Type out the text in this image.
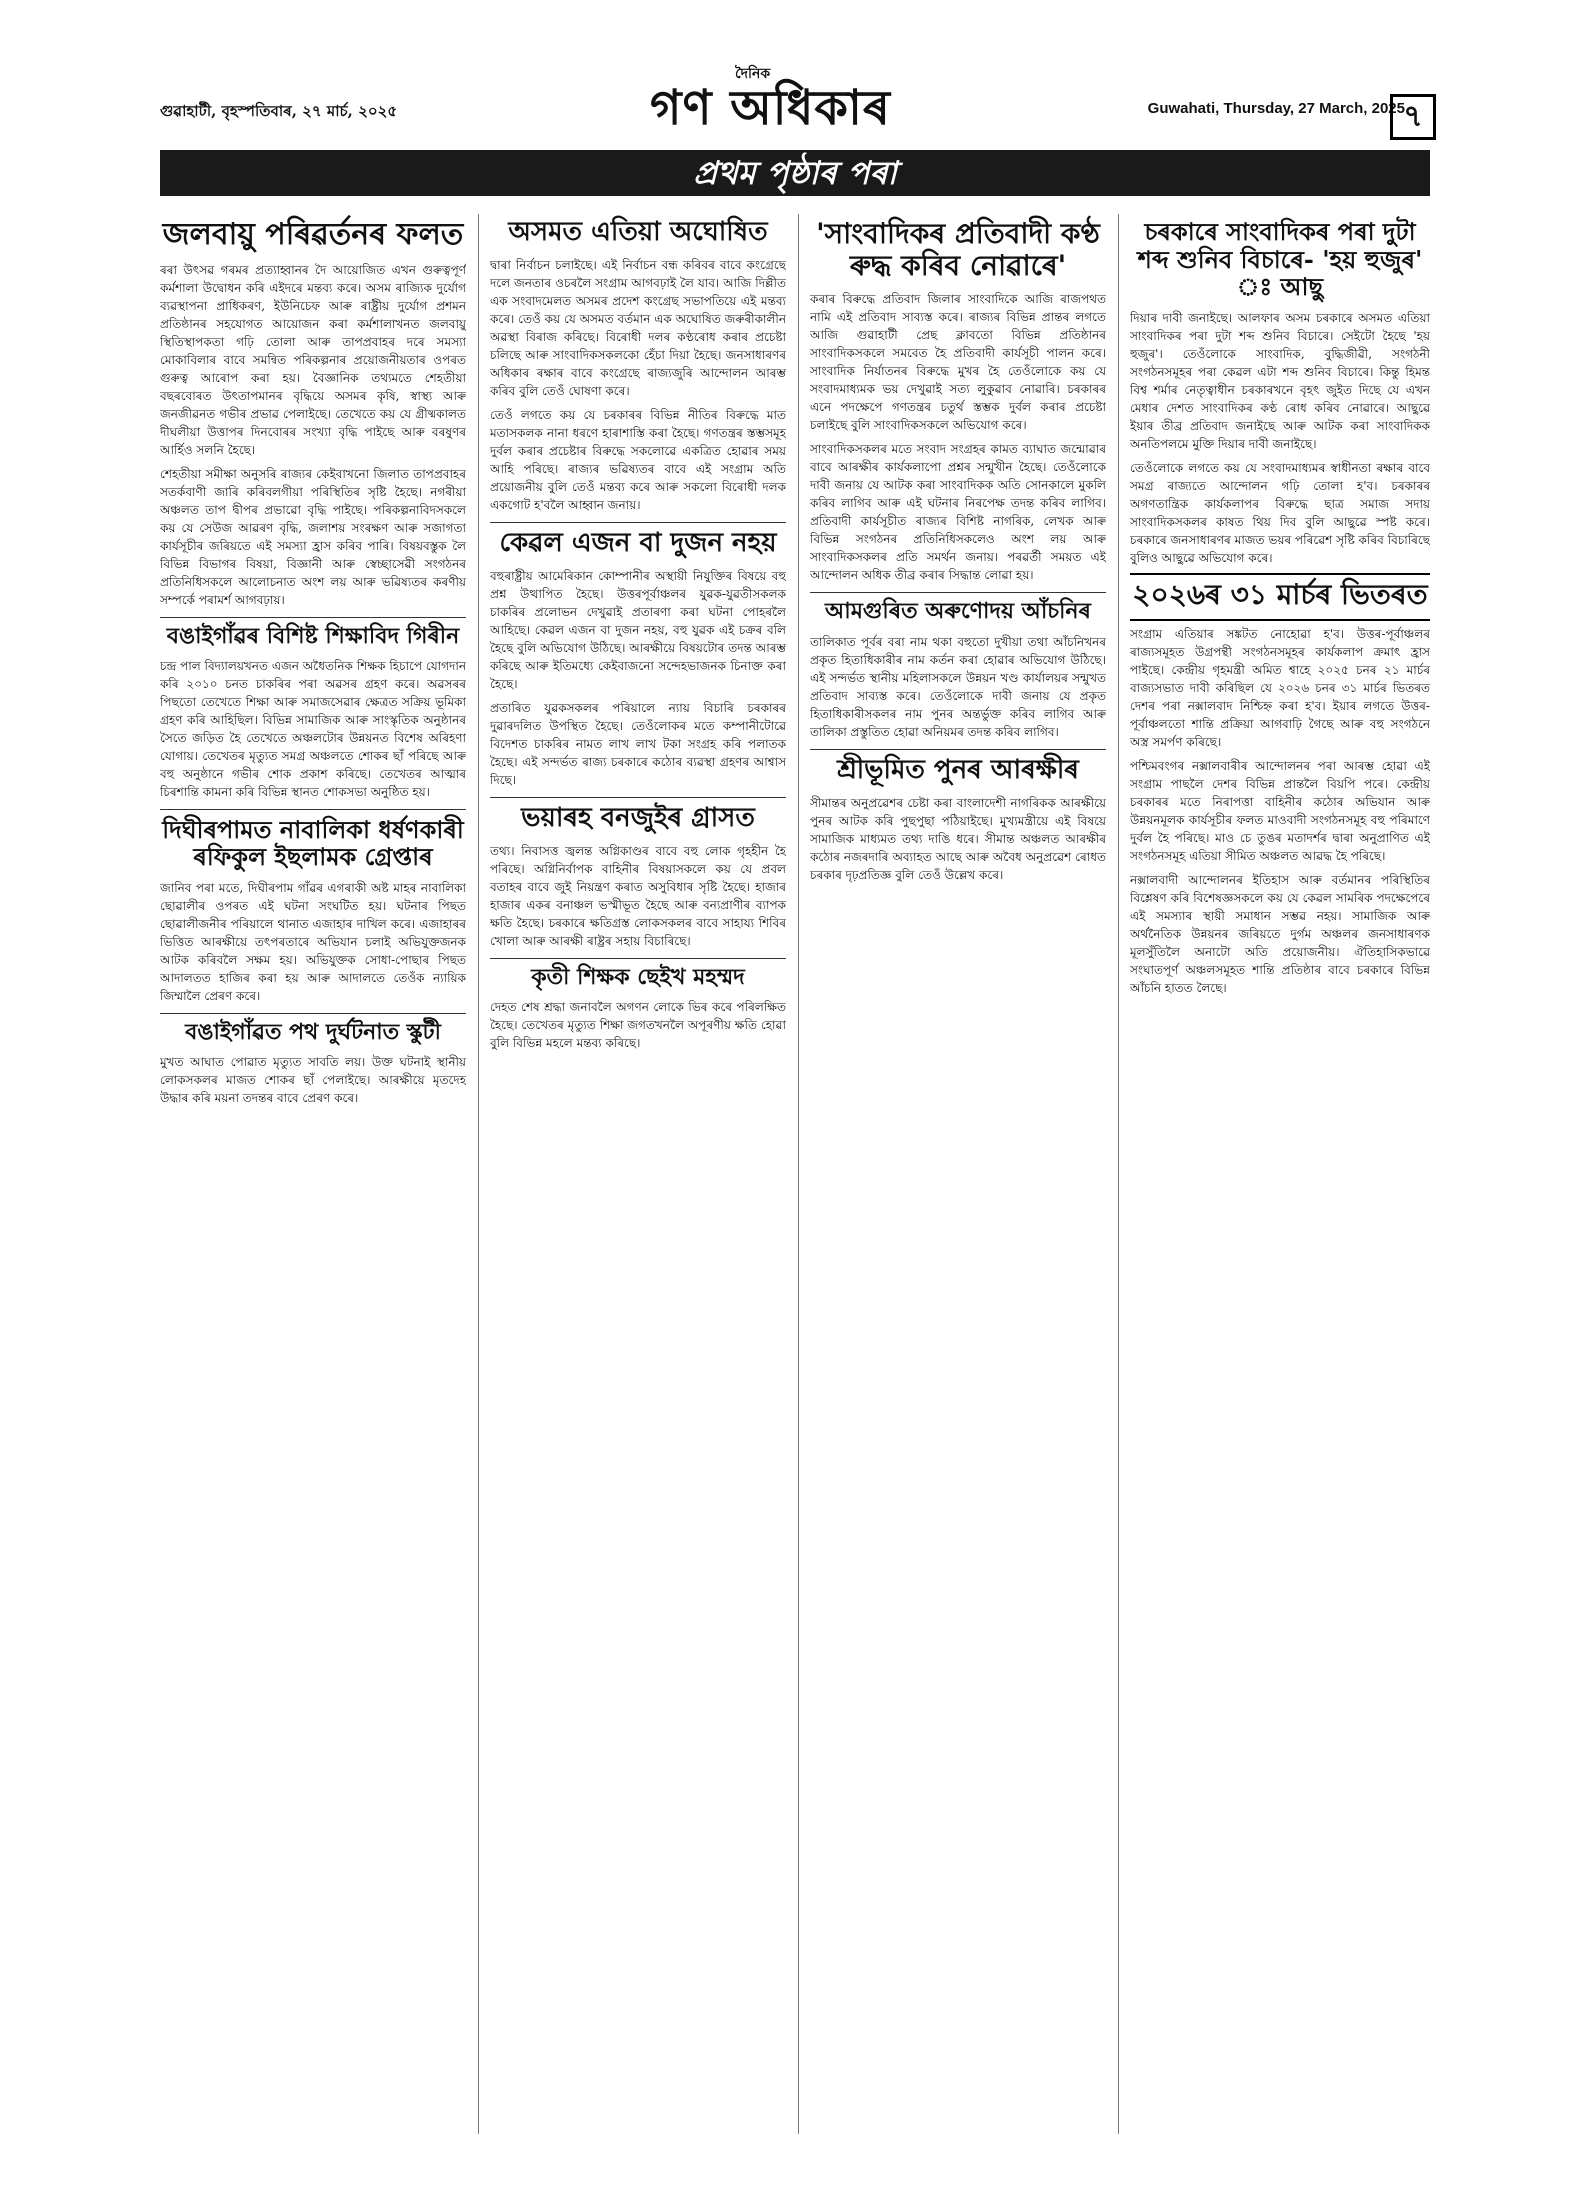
গুৱাহাটী, বৃহস্পতিবাৰ, ২৭ মাৰ্চ, ২০২৫
দৈনিক
গণ অধিকাৰ	Guwahati, Thursday, 27 March, 2025
৭
প্ৰথম পৃষ্ঠাৰ পৰা
জলবায়ু পৰিৱৰ্তনৰ ফলত

ৰৰা উৎসৱ গৰমৰ প্ৰত্যাহ্বানৰ দৈ আয়োজিত এখন গুৰুত্বপূৰ্ণ কৰ্মশালা উদ্বোধন কৰি এইদৰে মন্তব্য কৰে। অসম ৰাজ্যিক দুৰ্যোগ ব্যৱস্থাপনা প্ৰাধিকৰণ, ইউনিচেফ আৰু ৰাষ্ট্ৰীয় দুৰ্যোগ প্ৰশমন প্ৰতিষ্ঠানৰ সহযোগত আয়োজন কৰা কৰ্মশালাখনত জলবায়ু স্থিতিস্থাপকতা গঢ়ি তোলা আৰু তাপপ্ৰবাহৰ দৰে সমস্যা মোকাবিলাৰ বাবে সমন্বিত পৰিকল্পনাৰ প্ৰয়োজনীয়তাৰ ওপৰত গুৰুত্ব আৰোপ কৰা হয়। বৈজ্ঞানিক তথ্যমতে শেহতীয়া বছৰবোৰত উৎতাপমানৰ বৃদ্ধিয়ে অসমৰ কৃষি, স্বাস্থ্য আৰু জনজীৱনত গভীৰ প্ৰভাৱ পেলাইছে। তেখেতে কয় যে গ্ৰীষ্মকালত দীঘলীয়া উত্তাপৰ দিনবোৰৰ সংখ্যা বৃদ্ধি পাইছে আৰু বৰষুণৰ আৰ্হিও সলনি হৈছে।

শেহতীয়া সমীক্ষা অনুসৰি ৰাজ্যৰ কেইবাখনো জিলাত তাপপ্ৰবাহৰ সতৰ্কবাণী জাৰি কৰিবলগীয়া পৰিস্থিতিৰ সৃষ্টি হৈছে। নগৰীয়া অঞ্চলত তাপ দ্বীপৰ প্ৰভাৱো বৃদ্ধি পাইছে। পৰিকল্পনাবিদসকলে কয় যে সেউজ আৱৰণ বৃদ্ধি, জলাশয় সংৰক্ষণ আৰু সজাগতা কাৰ্যসূচীৰ জৰিয়তে এই সমস্যা হ্ৰাস কৰিব পাৰি। বিষয়বস্তুক লৈ বিভিন্ন বিভাগৰ বিষয়া, বিজ্ঞানী আৰু স্বেচ্ছাসেৱী সংগঠনৰ প্ৰতিনিধিসকলে আলোচনাত অংশ লয় আৰু ভৱিষ্যতৰ কৰণীয় সম্পৰ্কে পৰামৰ্শ আগবঢ়ায়।

বঙাইগাঁৱৰ বিশিষ্ট শিক্ষাবিদ গিৰীন

চন্দ্ৰ পাল বিদ্যালয়খনত এজন অধৈতনিক শিক্ষক হিচাপে যোগদান কৰি ২০১০ চনত চাকৰিৰ পৰা অৱসৰ গ্ৰহণ কৰে। অৱসৰৰ পিছতো তেখেতে শিক্ষা আৰু সমাজসেৱাৰ ক্ষেত্ৰত সক্ৰিয় ভূমিকা গ্ৰহণ কৰি আহিছিল। বিভিন্ন সামাজিক আৰু সাংস্কৃতিক অনুষ্ঠানৰ সৈতে জড়িত হৈ তেখেতে অঞ্চলটোৰ উন্নয়নত বিশেষ অৰিহণা যোগায়। তেখেতৰ মৃত্যুত সমগ্ৰ অঞ্চলতে শোকৰ ছাঁ পৰিছে আৰু বহু অনুষ্ঠানে গভীৰ শোক প্ৰকাশ কৰিছে। তেখেতৰ আত্মাৰ চিৰশান্তি কামনা কৰি বিভিন্ন স্থানত শোকসভা অনুষ্ঠিত হয়।

দিঘীৰপামত নাবালিকা ধৰ্ষণকাৰী ৰফিকুল ইছলামক গ্ৰেপ্তাৰ

জানিব পৰা মতে, দিঘীৰপাম গাঁৱৰ এগৰাকী অষ্ট মাহৰ নাবালিকা ছোৱালীৰ ওপৰত এই ঘটনা সংঘটিত হয়। ঘটনাৰ পিছত ছোৱালীজনীৰ পৰিয়ালে থানাত এজাহাৰ দাখিল কৰে। এজাহাৰৰ ভিত্তিত আৰক্ষীয়ে তৎপৰতাৰে অভিযান চলাই অভিযুক্তজনক আটক কৰিবলৈ সক্ষম হয়। অভিযুক্তক সোধা-পোছাৰ পিছত আদালতত হাজিৰ কৰা হয় আৰু আদালতে তেওঁক ন্যায়িক জিম্মালৈ প্ৰেৰণ কৰে।

বঙাইগাঁৱত পথ দুৰ্ঘটনাত স্কুটী

মুখত আঘাত পোৱাত মৃত্যুত সাবতি লয়। উক্ত ঘটনাই স্থানীয় লোকসকলৰ মাজত শোকৰ ছাঁ পেলাইছে। আৰক্ষীয়ে মৃতদেহ উদ্ধাৰ কৰি ময়না তদন্তৰ বাবে প্ৰেৰণ কৰে।

অসমত এতিয়া অঘোষিত

দ্বাৰা নিৰ্বাচন চলাইছে। এই নিৰ্বাচন বন্ধ কৰিবৰ বাবে কংগ্ৰেছে দলে জনতাৰ ওচৰলৈ সংগ্ৰাম আগবঢ়াই লৈ যাব। আজি দিল্লীত এক সংবাদমেলত অসমৰ প্ৰদেশ কংগ্ৰেছ সভাপতিয়ে এই মন্তব্য কৰে। তেওঁ কয় যে অসমত বৰ্তমান এক অঘোষিত জৰুৰীকালীন অৱস্থা বিৰাজ কৰিছে। বিৰোধী দলৰ কণ্ঠৰোধ কৰাৰ প্ৰচেষ্টা চলিছে আৰু সাংবাদিকসকলকো হেঁচা দিয়া হৈছে। জনসাধাৰণৰ অধিকাৰ ৰক্ষাৰ বাবে কংগ্ৰেছে ৰাজ্যজুৰি আন্দোলন আৰম্ভ কৰিব বুলি তেওঁ ঘোষণা কৰে।

তেওঁ লগতে কয় যে চৰকাৰৰ বিভিন্ন নীতিৰ বিৰুদ্ধে মাত মতাসকলক নানা ধৰণে হাৰাশাস্তি কৰা হৈছে। গণতন্ত্ৰৰ স্তম্ভসমূহ দুৰ্বল কৰাৰ প্ৰচেষ্টাৰ বিৰুদ্ধে সকলোৱে একত্ৰিত হোৱাৰ সময় আহি পৰিছে। ৰাজ্যৰ ভৱিষ্যতৰ বাবে এই সংগ্ৰাম অতি প্ৰয়োজনীয় বুলি তেওঁ মন্তব্য কৰে আৰু সকলো বিৰোধী দলক একগোট হ'বলৈ আহ্বান জনায়।

কেৱল এজন বা দুজন নহয়

বহুৰাষ্ট্ৰীয় আমেৰিকান কোম্পানীৰ অস্থায়ী নিযুক্তিৰ বিষয়ে বহু প্ৰশ্ন উত্থাপিত হৈছে। উত্তৰপূৰ্বাঞ্চলৰ যুৱক-যুৱতীসকলক চাকৰিৰ প্ৰলোভন দেখুৱাই প্ৰতাৰণা কৰা ঘটনা পোহৰলৈ আহিছে। কেৱল এজন বা দুজন নহয়, বহু যুৱক এই চক্ৰৰ বলি হৈছে বুলি অভিযোগ উঠিছে। আৰক্ষীয়ে বিষয়টোৰ তদন্ত আৰম্ভ কৰিছে আৰু ইতিমধ্যে কেইবাজনো সন্দেহভাজনক চিনাক্ত কৰা হৈছে।

প্ৰতাৰিত যুৱকসকলৰ পৰিয়ালে ন্যায় বিচাৰি চৰকাৰৰ দুৱাৰদলিত উপস্থিত হৈছে। তেওঁলোকৰ মতে কম্পানীটোৱে বিদেশত চাকৰিৰ নামত লাখ লাখ টকা সংগ্ৰহ কৰি পলাতক হৈছে। এই সন্দৰ্ভত ৰাজ্য চৰকাৰে কঠোৰ ব্যৱস্থা গ্ৰহণৰ আশ্বাস দিছে।

ভয়াৰহ বনজুইৰ গ্ৰাসত

তথ্য। নিবাসত্ত জ্বলন্ত অগ্নিকাণ্ডৰ বাবে বহু লোক গৃহহীন হৈ পৰিছে। অগ্নিনিৰ্বাপক বাহিনীৰ বিষয়াসকলে কয় যে প্ৰবল বতাহৰ বাবে জুই নিয়ন্ত্ৰণ কৰাত অসুবিধাৰ সৃষ্টি হৈছে। হাজাৰ হাজাৰ একৰ বনাঞ্চল ভস্মীভূত হৈছে আৰু বন্যপ্ৰাণীৰ ব্যাপক ক্ষতি হৈছে। চৰকাৰে ক্ষতিগ্ৰস্ত লোকসকলৰ বাবে সাহায্য শিবিৰ খোলা আৰু আৰক্ষী ৰাষ্ট্ৰৰ সহায় বিচাৰিছে।

কৃতী শিক্ষক ছেইখ মহম্মদ

দেহত শেষ শ্ৰদ্ধা জনাবলৈ অগণন লোকে ভিৰ কৰে পৰিলক্ষিত হৈছে। তেখেতৰ মৃত্যুত শিক্ষা জগতখনলৈ অপূৰণীয় ক্ষতি হোৱা বুলি বিভিন্ন মহলে মন্তব্য কৰিছে।

'সাংবাদিকৰ প্ৰতিবাদী কণ্ঠ ৰুদ্ধ কৰিব নোৱাৰে'

কৰাৰ বিৰুদ্ধে প্ৰতিবাদ জিলাৰ সাংবাদিকে আজি ৰাজপথত নামি এই প্ৰতিবাদ সাব্যস্ত কৰে। ৰাজ্যৰ বিভিন্ন প্ৰান্তৰ লগতে আজি গুৱাহাটী প্ৰেছ ক্লাবতো বিভিন্ন প্ৰতিষ্ঠানৰ সাংবাদিকসকলে সমবেত হৈ প্ৰতিবাদী কাৰ্যসূচী পালন কৰে। সাংবাদিক নিৰ্যাতনৰ বিৰুদ্ধে মুখৰ হৈ তেওঁলোকে কয় যে সংবাদমাধ্যমক ভয় দেখুৱাই সত্য লুকুৱাব নোৱাৰি। চৰকাৰৰ এনে পদক্ষেপে গণতন্ত্ৰৰ চতুৰ্থ স্তম্ভক দুৰ্বল কৰাৰ প্ৰচেষ্টা চলাইছে বুলি সাংবাদিকসকলে অভিযোগ কৰে।

সাংবাদিকসকলৰ মতে সংবাদ সংগ্ৰহৰ কামত ব্যাঘাত জন্মোৱাৰ বাবে আৰক্ষীৰ কাৰ্যকলাপো প্ৰশ্নৰ সন্মুখীন হৈছে। তেওঁলোকে দাবী জনায় যে আটক কৰা সাংবাদিকক অতি সোনকালে মুকলি কৰিব লাগিব আৰু এই ঘটনাৰ নিৰপেক্ষ তদন্ত কৰিব লাগিব। প্ৰতিবাদী কাৰ্যসূচীত ৰাজ্যৰ বিশিষ্ট নাগৰিক, লেখক আৰু বিভিন্ন সংগঠনৰ প্ৰতিনিধিসকলেও অংশ লয় আৰু সাংবাদিকসকলৰ প্ৰতি সমৰ্থন জনায়। পৰৱৰ্তী সময়ত এই আন্দোলন অধিক তীব্ৰ কৰাৰ সিদ্ধান্ত লোৱা হয়।

আমগুৰিত অৰুণোদয় আঁচনিৰ

তালিকাত পূৰ্বৰ বৰা নাম থকা বহুতো দুখীয়া তথা আঁচনিখনৰ প্ৰকৃত হিতাধিকাৰীৰ নাম কৰ্তন কৰা হোৱাৰ অভিযোগ উঠিছে। এই সন্দৰ্ভত স্থানীয় মহিলাসকলে উন্নয়ন খণ্ড কাৰ্যালয়ৰ সন্মুখত প্ৰতিবাদ সাব্যস্ত কৰে। তেওঁলোকে দাবী জনায় যে প্ৰকৃত হিতাধিকাৰীসকলৰ নাম পুনৰ অন্তৰ্ভুক্ত কৰিব লাগিব আৰু তালিকা প্ৰস্তুতিত হোৱা অনিয়মৰ তদন্ত কৰিব লাগিব।

শ্ৰীভূমিত পুনৰ আৰক্ষীৰ

সীমান্তৰ অনুপ্ৰৱেশৰ চেষ্টা কৰা বাংলাদেশী নাগৰিকক আৰক্ষীয়ে পুনৰ আটক কৰি পুছপুছা পঠিয়াইছে। মুখ্যমন্ত্ৰীয়ে এই বিষয়ে সামাজিক মাধ্যমত তথ্য দাঙি ধৰে। সীমান্ত অঞ্চলত আৰক্ষীৰ কঠোৰ নজৰদাৰি অব্যাহত আছে আৰু অবৈধ অনুপ্ৰৱেশ ৰোধত চৰকাৰ দৃঢ়প্ৰতিজ্ঞ বুলি তেওঁ উল্লেখ কৰে।

চৰকাৰে সাংবাদিকৰ পৰা দুটা শব্দ শুনিব বিচাৰে- 'হয় হুজুৰ' ঃ আছু

দিয়াৰ দাবী জনাইছে। আলফাৰ অসম চৰকাৰে অসমত এতিয়া সাংবাদিকৰ পৰা দুটা শব্দ শুনিব বিচাৰে। সেইটো হৈছে 'হয় হুজুৰ'। তেওঁলোকে সাংবাদিক, বুদ্ধিজীৱী, সংগঠনী সংগঠনসমূহৰ পৰা কেৱল এটা শব্দ শুনিব বিচাৰে। কিন্তু হিমন্ত বিশ্ব শৰ্মাৰ নেতৃত্বাধীন চৰকাৰখনে বৃহৎ জুইত দিছে যে এখন মেধাৰ দেশত সাংবাদিকৰ কণ্ঠ ৰোধ কৰিব নোৱাৰে। আছুৱে ইয়াৰ তীব্ৰ প্ৰতিবাদ জনাইছে আৰু আটক কৰা সাংবাদিকক অনতিপলমে মুক্তি দিয়াৰ দাবী জনাইছে।

তেওঁলোকে লগতে কয় যে সংবাদমাধ্যমৰ স্বাধীনতা ৰক্ষাৰ বাবে সমগ্ৰ ৰাজ্যতে আন্দোলন গঢ়ি তোলা হ'ব। চৰকাৰৰ অগণতান্ত্ৰিক কাৰ্যকলাপৰ বিৰুদ্ধে ছাত্ৰ সমাজ সদায় সাংবাদিকসকলৰ কাষত থিয় দিব বুলি আছুৱে স্পষ্ট কৰে। চৰকাৰে জনসাধাৰণৰ মাজত ভয়ৰ পৰিৱেশ সৃষ্টি কৰিব বিচাৰিছে বুলিও আছুৱে অভিযোগ কৰে।

২০২৬ৰ ৩১ মাৰ্চৰ ভিতৰত

সংগ্ৰাম এতিয়াৰ সঙ্কটত নোহোৱা হ'ব। উত্তৰ-পূৰ্বাঞ্চলৰ ৰাজ্যসমূহত উগ্ৰপন্থী সংগঠনসমূহৰ কাৰ্যকলাপ ক্ৰমাৎ হ্ৰাস পাইছে। কেন্দ্ৰীয় গৃহমন্ত্ৰী অমিত শ্বাহে ২০২৫ চনৰ ২১ মাৰ্চৰ বাজ্যসভাত দাবী কৰিছিল যে ২০২৬ চনৰ ৩১ মাৰ্চৰ ভিতৰত দেশৰ পৰা নক্সালবাদ নিশ্চিহ্ন কৰা হ'ব। ইয়াৰ লগতে উত্তৰ-পূৰ্বাঞ্চলতো শান্তি প্ৰক্ৰিয়া আগবাঢ়ি গৈছে আৰু বহু সংগঠনে অস্ত্ৰ সমৰ্পণ কৰিছে।

পশ্চিমবংগৰ নক্সালবাৰীৰ আন্দোলনৰ পৰা আৰম্ভ হোৱা এই সংগ্ৰাম পাছলৈ দেশৰ বিভিন্ন প্ৰান্তলৈ বিয়পি পৰে। কেন্দ্ৰীয় চৰকাৰৰ মতে নিৰাপত্তা বাহিনীৰ কঠোৰ অভিযান আৰু উন্নয়নমূলক কাৰ্যসূচীৰ ফলত মাওবাদী সংগঠনসমূহ বহু পৰিমাণে দুৰ্বল হৈ পৰিছে। মাও চে তুঙৰ মতাদৰ্শৰ দ্বাৰা অনুপ্ৰাণিত এই সংগঠনসমূহ এতিয়া সীমিত অঞ্চলত আৱদ্ধ হৈ পৰিছে।

নক্সালবাদী আন্দোলনৰ ইতিহাস আৰু বৰ্তমানৰ পৰিস্থিতিৰ বিশ্লেষণ কৰি বিশেষজ্ঞসকলে কয় যে কেৱল সামৰিক পদক্ষেপেৰে এই সমস্যাৰ স্থায়ী সমাধান সম্ভৱ নহয়। সামাজিক আৰু অৰ্থনৈতিক উন্নয়নৰ জৰিয়তে দুৰ্গম অঞ্চলৰ জনসাধাৰণক মূলসুঁতিলৈ অনাটো অতি প্ৰয়োজনীয়। ঐতিহাসিকভাৱে সংঘাতপূৰ্ণ অঞ্চলসমূহত শান্তি প্ৰতিষ্ঠাৰ বাবে চৰকাৰে বিভিন্ন আঁচনি হাতত লৈছে।
